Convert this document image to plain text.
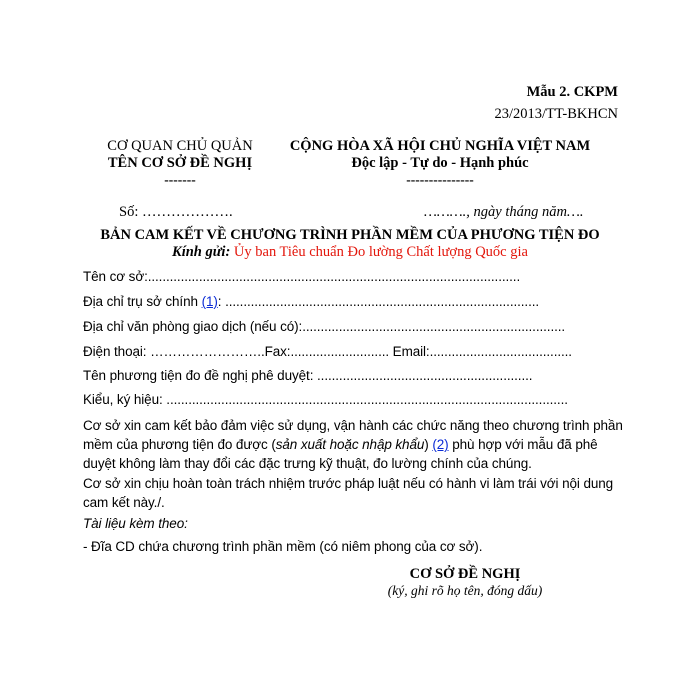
Mẫu 2. CKPM
23/2013/TT-BKHCN
CƠ QUAN CHỦ QUẢN
TÊN CƠ SỞ ĐỀ NGHỊ
-------
CỘNG HÒA XÃ HỘI CHỦ NGHĨA VIỆT NAM
Độc lập - Tự do - Hạnh phúc
---------------
Số: ……………….	………., ngày tháng năm….
BẢN CAM KẾT VỀ CHƯƠNG TRÌNH PHẦN MỀM CỦA PHƯƠNG TIỆN ĐO
Kính gửi: Ủy ban Tiêu chuẩn Đo lường Chất lượng Quốc gia
Tên cơ sở:......................................................................................................
Địa chỉ trụ sở chính (1): ......................................................................................
Địa chỉ văn phòng giao dịch (nếu có):........................................................................
Điện thoại: ……………………..Fax:........................... Email:.......................................
Tên phương tiện đo đề nghị phê duyệt: ...........................................................
Kiểu, ký hiệu: ..............................................................................................................
Cơ sở xin cam kết bảo đảm việc sử dụng, vận hành các chức năng theo chương trình phần mềm của phương tiện đo được (sản xuất hoặc nhập khẩu) (2) phù hợp với mẫu đã phê duyệt không làm thay đổi các đặc trưng kỹ thuật, đo lường chính của chúng.
Cơ sở xin chịu hoàn toàn trách nhiệm trước pháp luật nếu có hành vi làm trái với nội dung cam kết này./.
Tài liệu kèm theo:
- Đĩa CD chứa chương trình phần mềm (có niêm phong của cơ sở).
CƠ SỞ ĐỀ NGHỊ
(ký, ghi rõ họ tên, đóng dấu)
